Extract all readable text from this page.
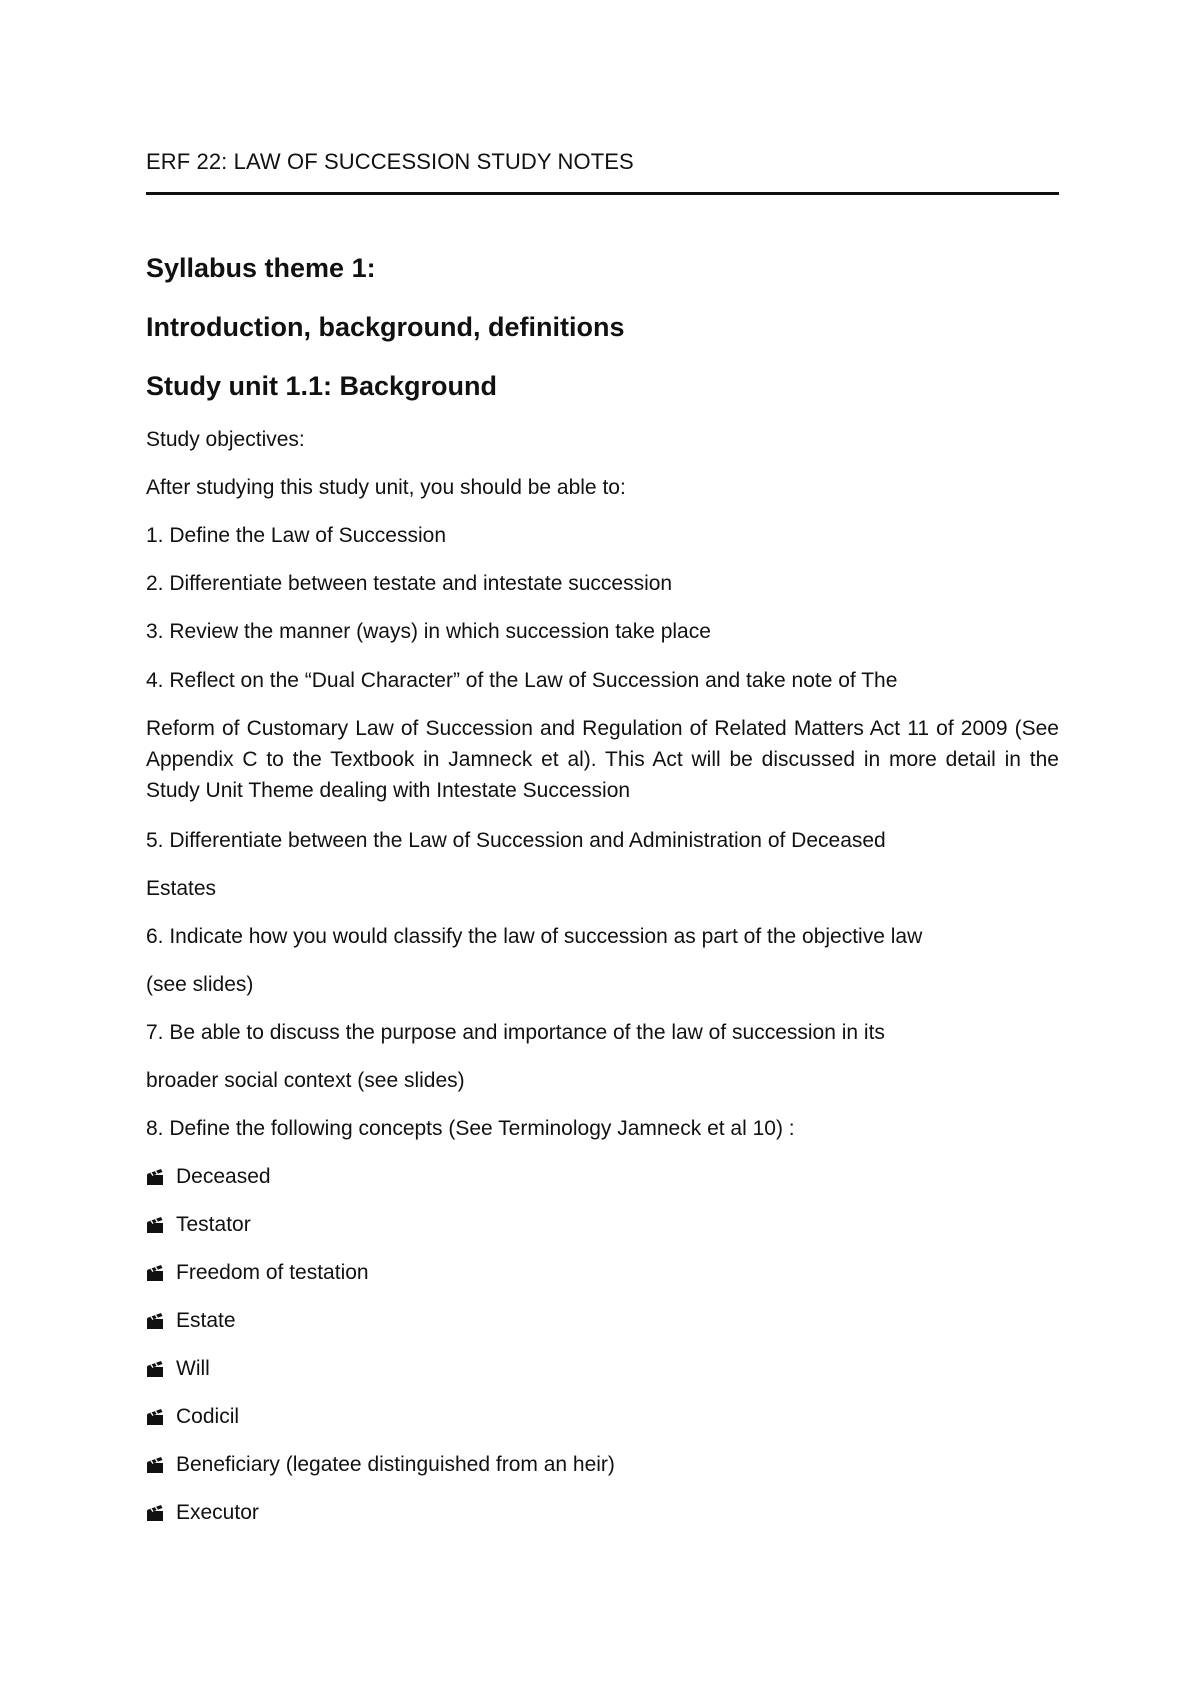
ERF 22: LAW OF SUCCESSION STUDY NOTES
Syllabus theme 1:
Introduction, background, definitions
Study unit 1.1: Background
Study objectives:
After studying this study unit, you should be able to:
1. Define the Law of Succession
2. Differentiate between testate and intestate succession
3. Review the manner (ways) in which succession take place
4. Reflect on the “Dual Character” of the Law of Succession and take note of The
Reform of Customary Law of Succession and Regulation of Related Matters Act 11 of 2009 (See Appendix C to the Textbook in Jamneck et al). This Act will be discussed in more detail in the Study Unit Theme dealing with Intestate Succession
5. Differentiate between the Law of Succession and Administration of Deceased
Estates
6. Indicate how you would classify the law of succession as part of the objective law
(see slides)
7. Be able to discuss the purpose and importance of the law of succession in its
broader social context (see slides)
8. Define the following concepts (See Terminology Jamneck et al 10) :
Deceased
Testator
Freedom of testation
Estate
Will
Codicil
Beneficiary (legatee distinguished from an heir)
Executor
